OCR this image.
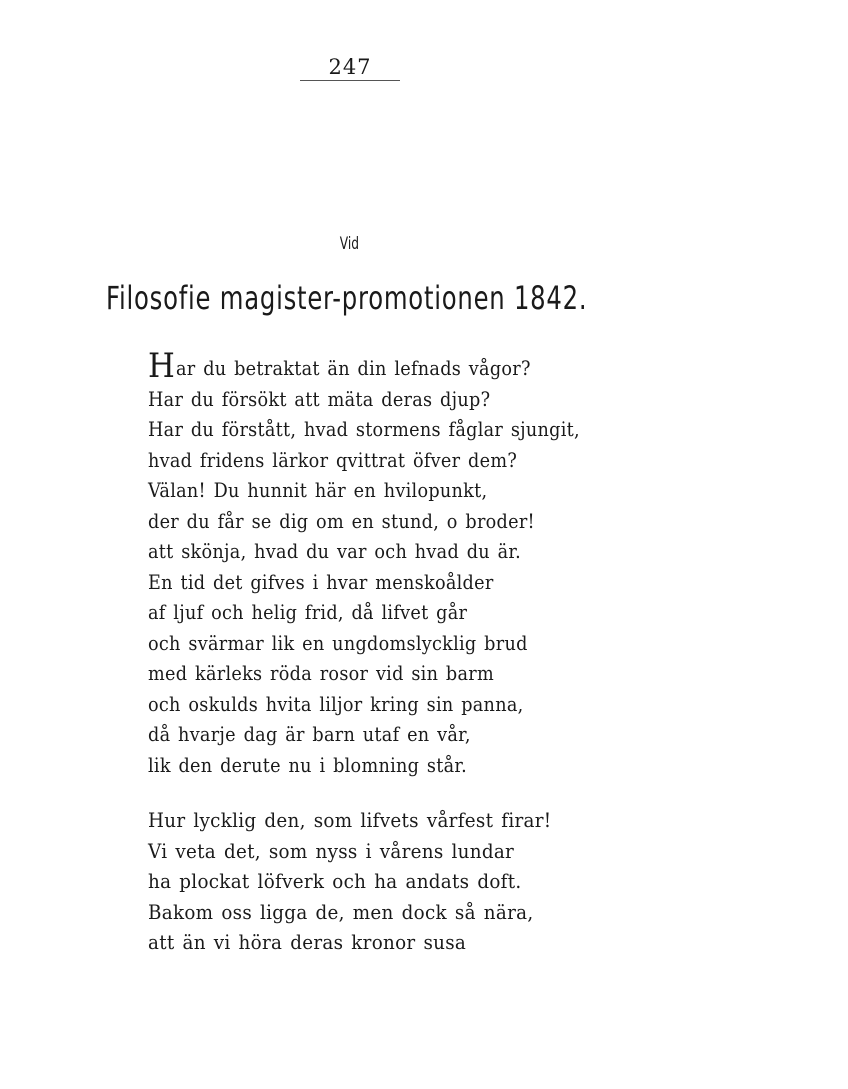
247
Vid
Filosofie magister-promotionen 1842.
Har du betraktat än din lefnads vågor?
Har du försökt att mäta deras djup?
Har du förstått, hvad stormens fåglar sjungit,
hvad fridens lärkor qvittrat öfver dem?
Välan! Du hunnit här en hvilopunkt,
der du får se dig om en stund, o broder!
att skönja, hvad du var och hvad du är.
En tid det gifves i hvar menskoålder
af ljuf och helig frid, då lifvet går
och svärmar lik en ungdomslycklig brud
med kärleks röda rosor vid sin barm
och oskulds hvita liljor kring sin panna,
då hvarje dag är barn utaf en vår,
lik den derute nu i blomning står.
Hur lycklig den, som lifvets vårfest firar!
Vi veta det, som nyss i vårens lundar
ha plockat löfverk och ha andats doft.
Bakom oss ligga de, men dock så nära,
att än vi höra deras kronor susa
